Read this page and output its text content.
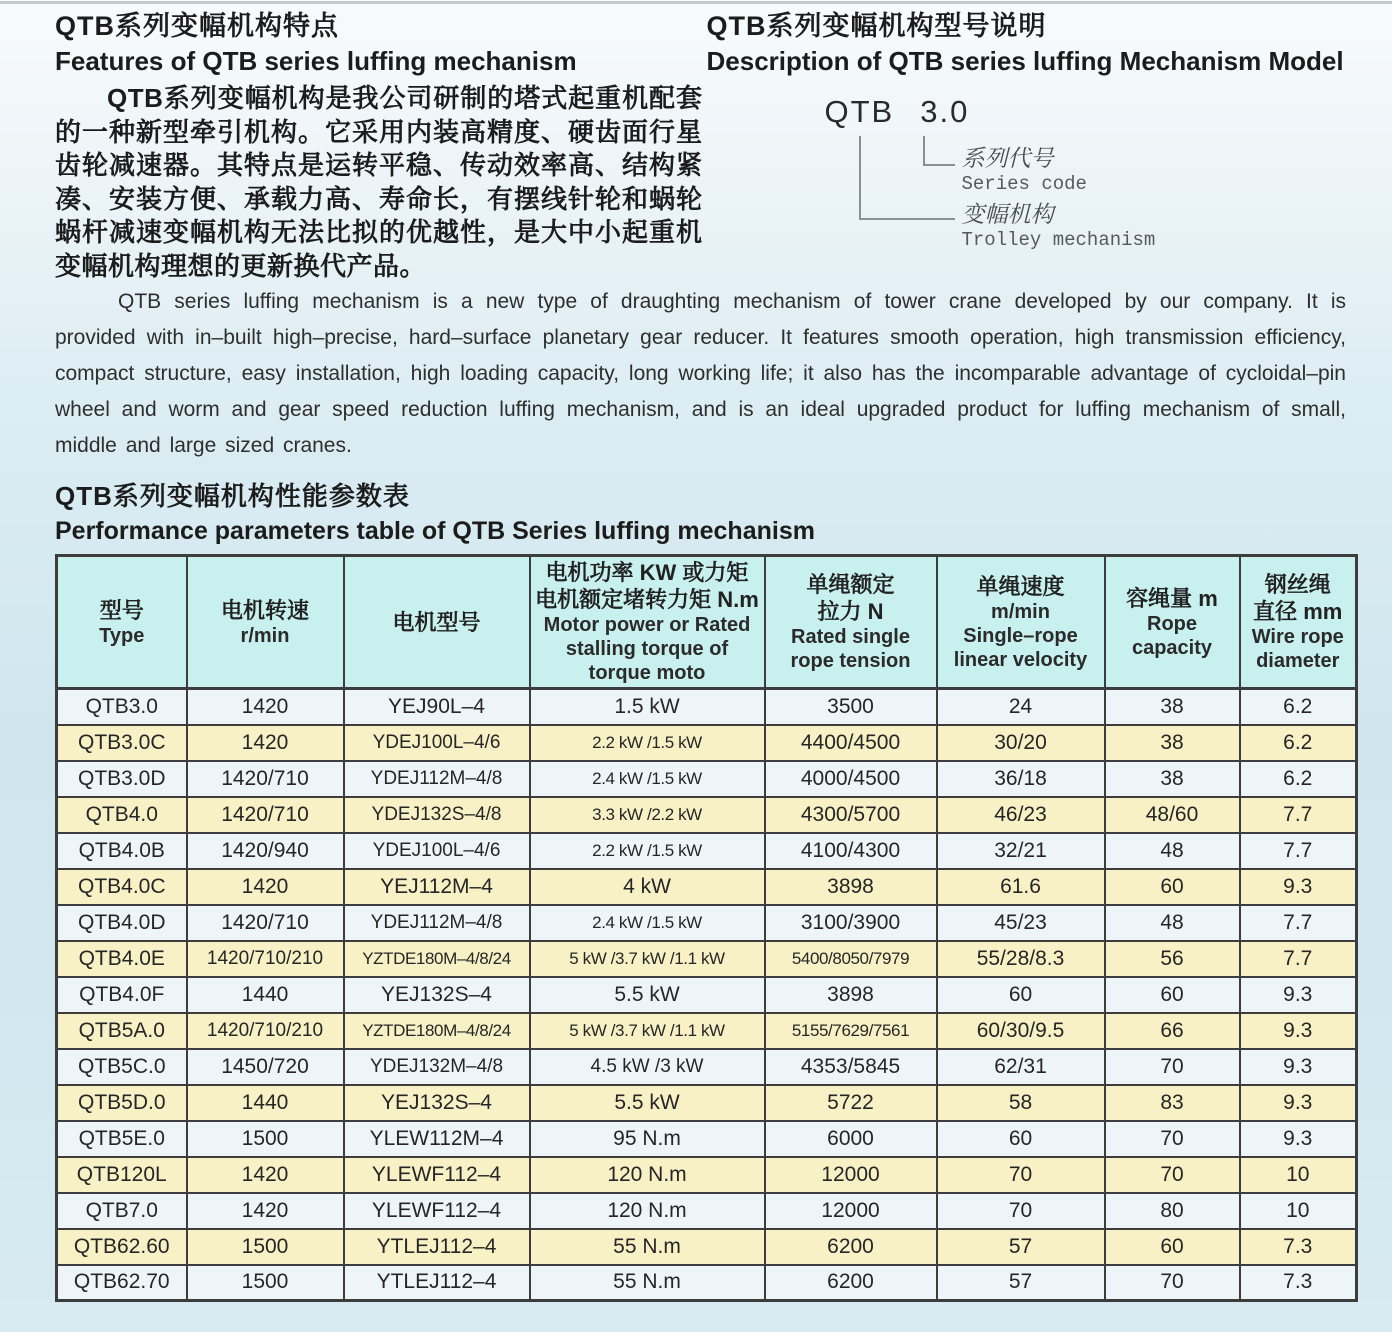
QTB系列变幅机构特点
Features of QTB series luffing mechanism
QTB系列变幅机构是我公司研制的塔式起重机配套的一种新型牵引机构。它采用内装高精度、硬齿面行星齿轮减速器。其特点是运转平稳、传动效率高、结构紧凑、安装方便、承载力高、寿命长，有摆线针轮和蜗轮蜗杆减速变幅机构无法比拟的优越性，是大中小起重机变幅机构理想的更新换代产品。
QTB系列变幅机构型号说明
Description of QTB series luffing Mechanism Model
QTB 3.0
系列代号
Series code
变幅机构
Trolley mechanism
QTB series luffing mechanism is a new type of draughting mechanism of tower crane developed by our company. It is provided with in–built high–precise, hard–surface planetary gear reducer. It features smooth operation, high transmission efficiency, compact structure, easy installation, high loading capacity, long working life; it also has the incomparable advantage of cycloidal–pin wheel and worm and gear speed reduction luffing mechanism, and is an ideal upgraded product for luffing mechanism of small, middle and large sized cranes.
QTB系列变幅机构性能参数表
Performance parameters table of QTB Series luffing mechanism
型号
Type

电机转速
r/min

电机型号

电机功率 KW 或力矩
电机额定堵转力矩 N.m
Motor power or Rated
stalling torque of
torque moto

单绳额定
拉力 N
Rated single
rope tension

单绳速度
m/min
Single–rope
linear velocity

容绳量 m
Rope
capacity

钢丝绳
直径 mm
Wire rope
diameter

QTB3.0	1420	YEJ90L–4	1.5 kW	3500	24	38	6.2
QTB3.0C	1420	YDEJ100L–4/6	2.2 kW /1.5 kW	4400/4500	30/20	38	6.2
QTB3.0D	1420/710	YDEJ112M–4/8	2.4 kW /1.5 kW	4000/4500	36/18	38	6.2
QTB4.0	1420/710	YDEJ132S–4/8	3.3 kW /2.2 kW	4300/5700	46/23	48/60	7.7
QTB4.0B	1420/940	YDEJ100L–4/6	2.2 kW /1.5 kW	4100/4300	32/21	48	7.7
QTB4.0C	1420	YEJ112M–4	4 kW	3898	61.6	60	9.3
QTB4.0D	1420/710	YDEJ112M–4/8	2.4 kW /1.5 kW	3100/3900	45/23	48	7.7
QTB4.0E	1420/710/210	YZTDE180M–4/8/24	5 kW /3.7 kW /1.1 kW	5400/8050/7979	55/28/8.3	56	7.7
QTB4.0F	1440	YEJ132S–4	5.5 kW	3898	60	60	9.3
QTB5A.0	1420/710/210	YZTDE180M–4/8/24	5 kW /3.7 kW /1.1 kW	5155/7629/7561	60/30/9.5	66	9.3
QTB5C.0	1450/720	YDEJ132M–4/8	4.5 kW /3 kW	4353/5845	62/31	70	9.3
QTB5D.0	1440	YEJ132S–4	5.5 kW	5722	58	83	9.3
QTB5E.0	1500	YLEW112M–4	95 N.m	6000	60	70	9.3
QTB120L	1420	YLEWF112–4	120 N.m	12000	70	70	10
QTB7.0	1420	YLEWF112–4	120 N.m	12000	70	80	10
QTB62.60	1500	YTLEJ112–4	55 N.m	6200	57	60	7.3
QTB62.70	1500	YTLEJ112–4	55 N.m	6200	57	70	7.3
